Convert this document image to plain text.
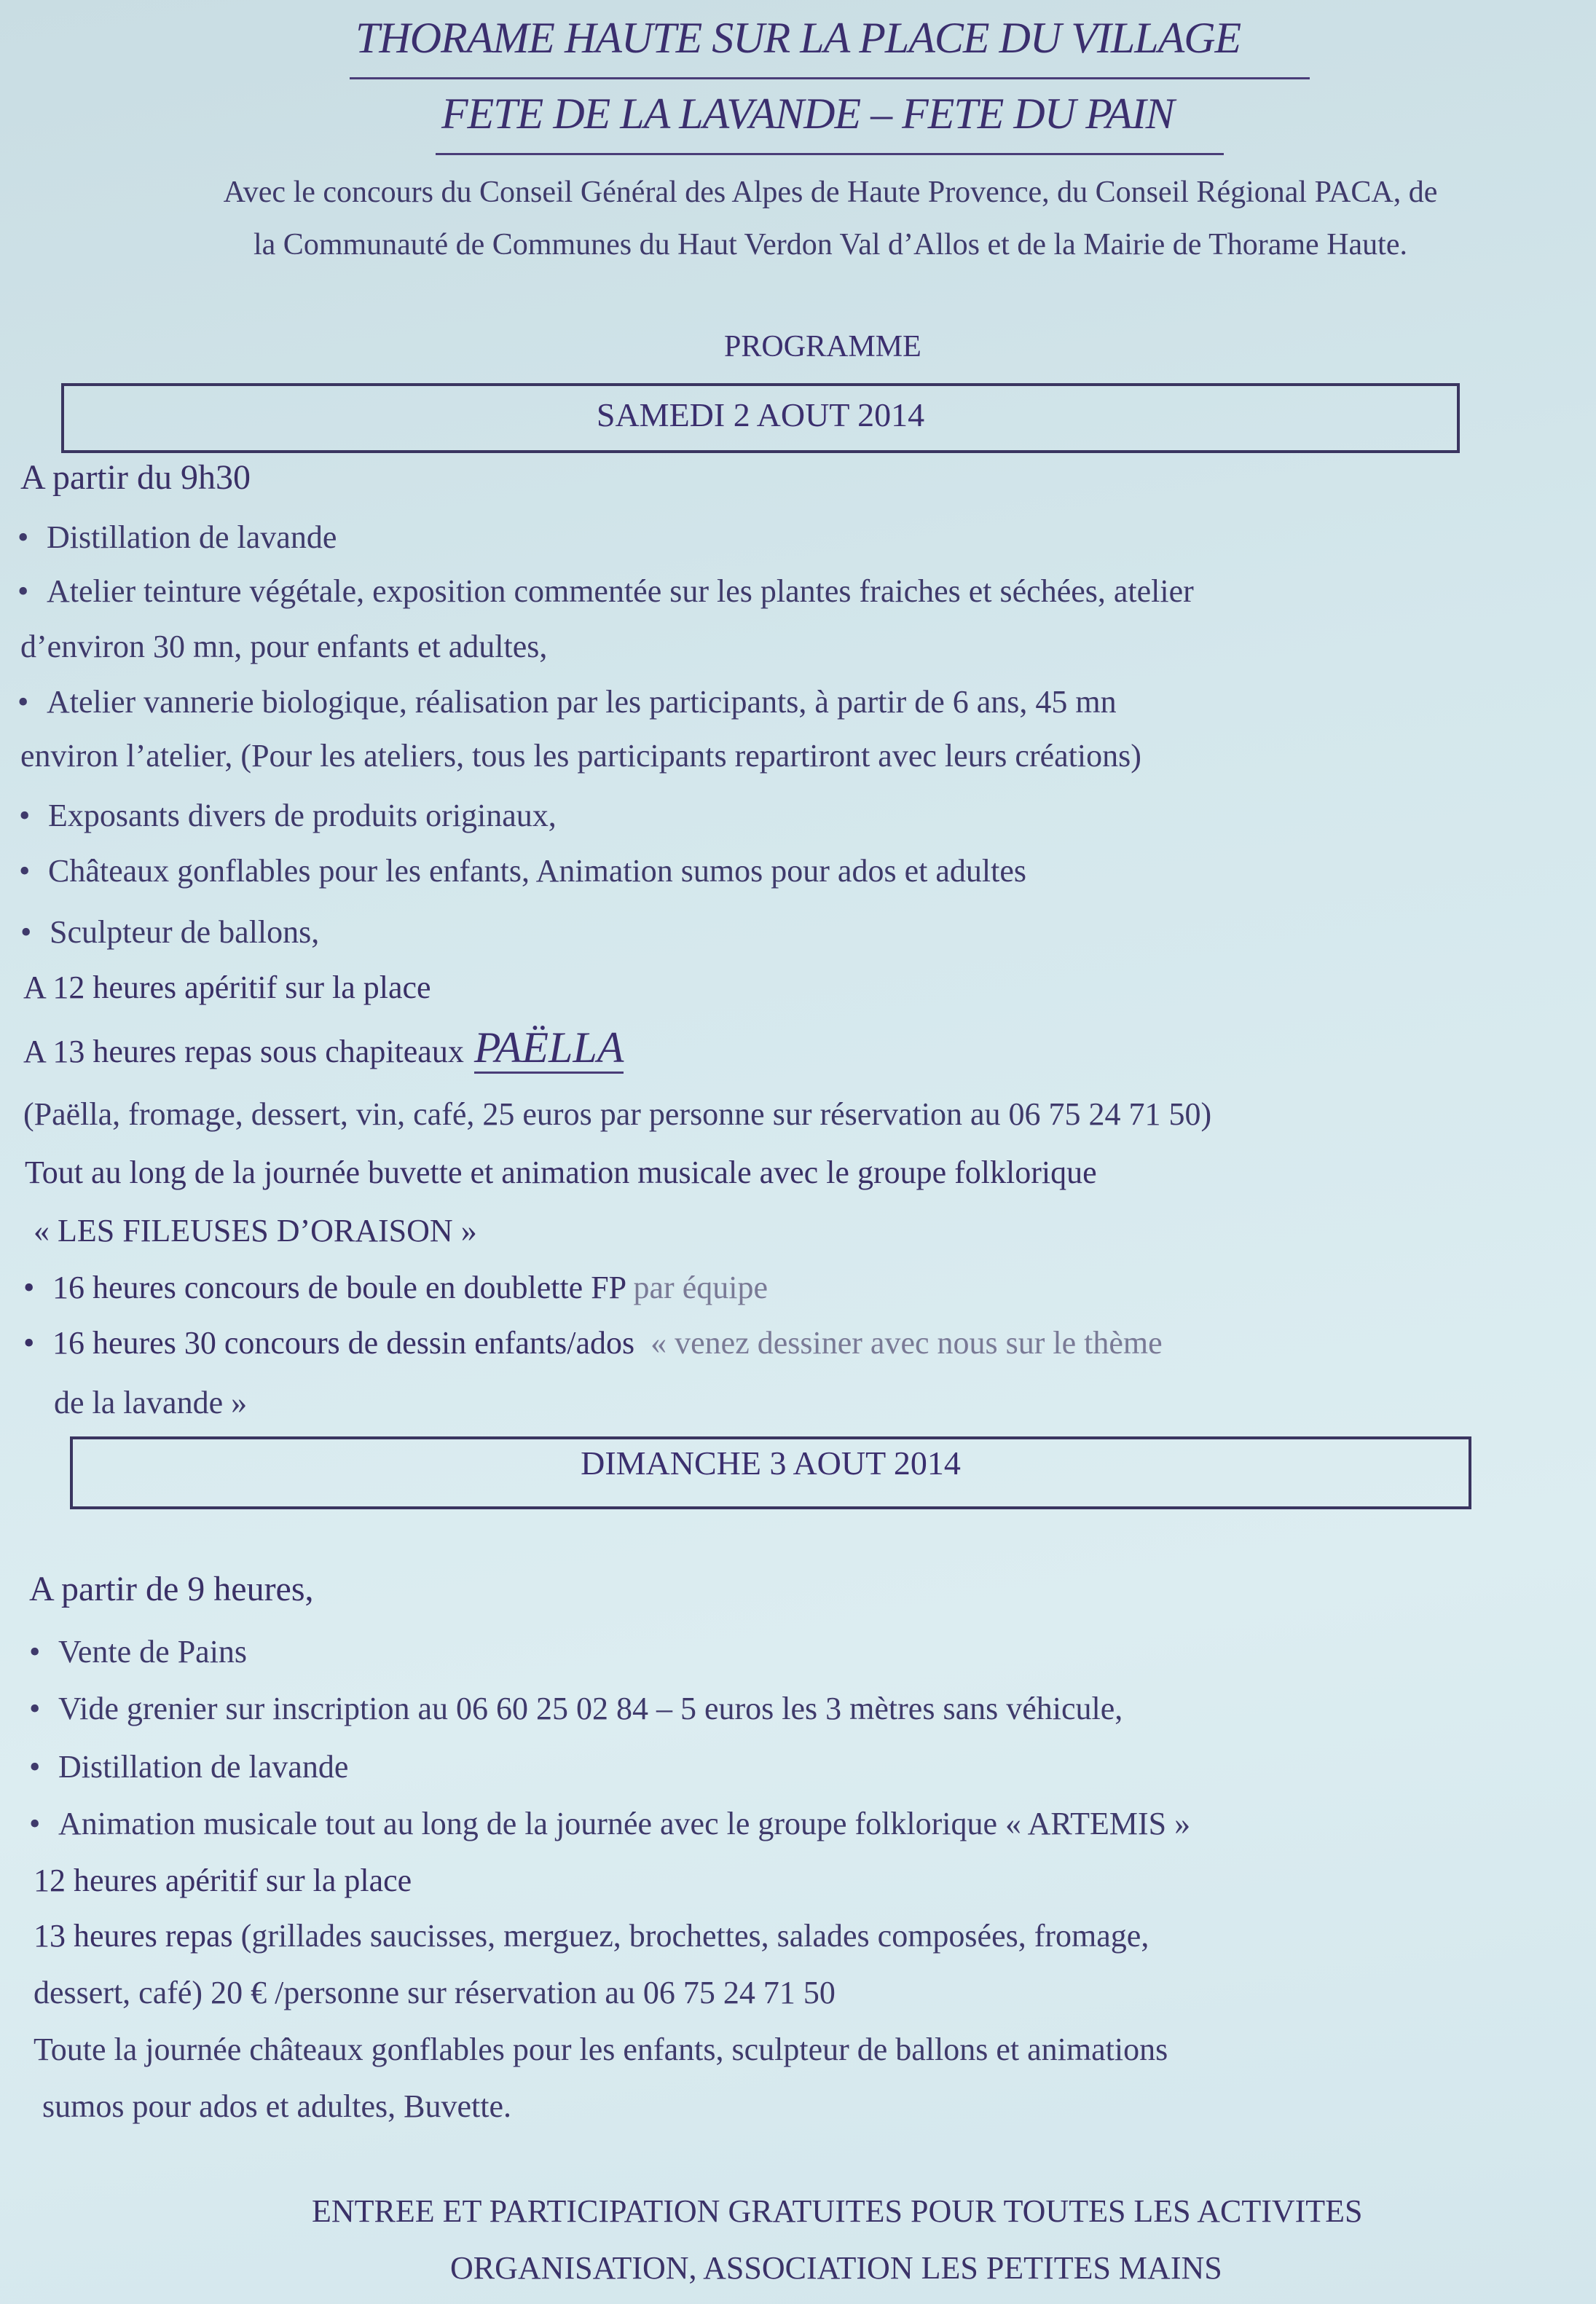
THORAME HAUTE SUR LA PLACE DU VILLAGE
FETE DE LA LAVANDE – FETE DU PAIN
Avec le concours du Conseil Général des Alpes de Haute Provence, du Conseil Régional PACA, de
la Communauté de Communes du Haut Verdon Val d’Allos et de la Mairie de Thorame Haute.
PROGRAMME
SAMEDI 2 AOUT 2014
A partir du 9h30
• Distillation de lavande
• Atelier teinture végétale, exposition commentée sur les plantes fraiches et séchées, atelier
d’environ 30 mn, pour enfants et adultes,
• Atelier vannerie biologique, réalisation par les participants, à partir de 6 ans, 45 mn
environ l’atelier, (Pour les ateliers, tous les participants repartiront avec leurs créations)
• Exposants divers de produits originaux,
• Châteaux gonflables pour les enfants, Animation sumos pour ados et adultes
• Sculpteur de ballons,
A 12 heures apéritif sur la place
A 13 heures repas sous chapiteaux PAËLLA
(Paëlla, fromage, dessert, vin, café, 25 euros par personne sur réservation au 06 75 24 71 50)
Tout au long de la journée buvette et animation musicale avec le groupe folklorique
« LES FILEUSES D’ORAISON »
• 16 heures concours de boule en doublette FP par équipe
• 16 heures 30 concours de dessin enfants/ados « venez dessiner avec nous sur le thème
de la lavande »
DIMANCHE 3 AOUT 2014
A partir de 9 heures,
• Vente de Pains
• Vide grenier sur inscription au 06 60 25 02 84 – 5 euros les 3 mètres sans véhicule,
• Distillation de lavande
• Animation musicale tout au long de la journée avec le groupe folklorique « ARTEMIS »
12 heures apéritif sur la place
13 heures repas (grillades saucisses, merguez, brochettes, salades composées, fromage,
dessert, café) 20 € /personne sur réservation au 06 75 24 71 50
Toute la journée châteaux gonflables pour les enfants, sculpteur de ballons et animations
sumos pour ados et adultes, Buvette.
ENTREE ET PARTICIPATION GRATUITES POUR TOUTES LES ACTIVITES
ORGANISATION, ASSOCIATION LES PETITES MAINS
